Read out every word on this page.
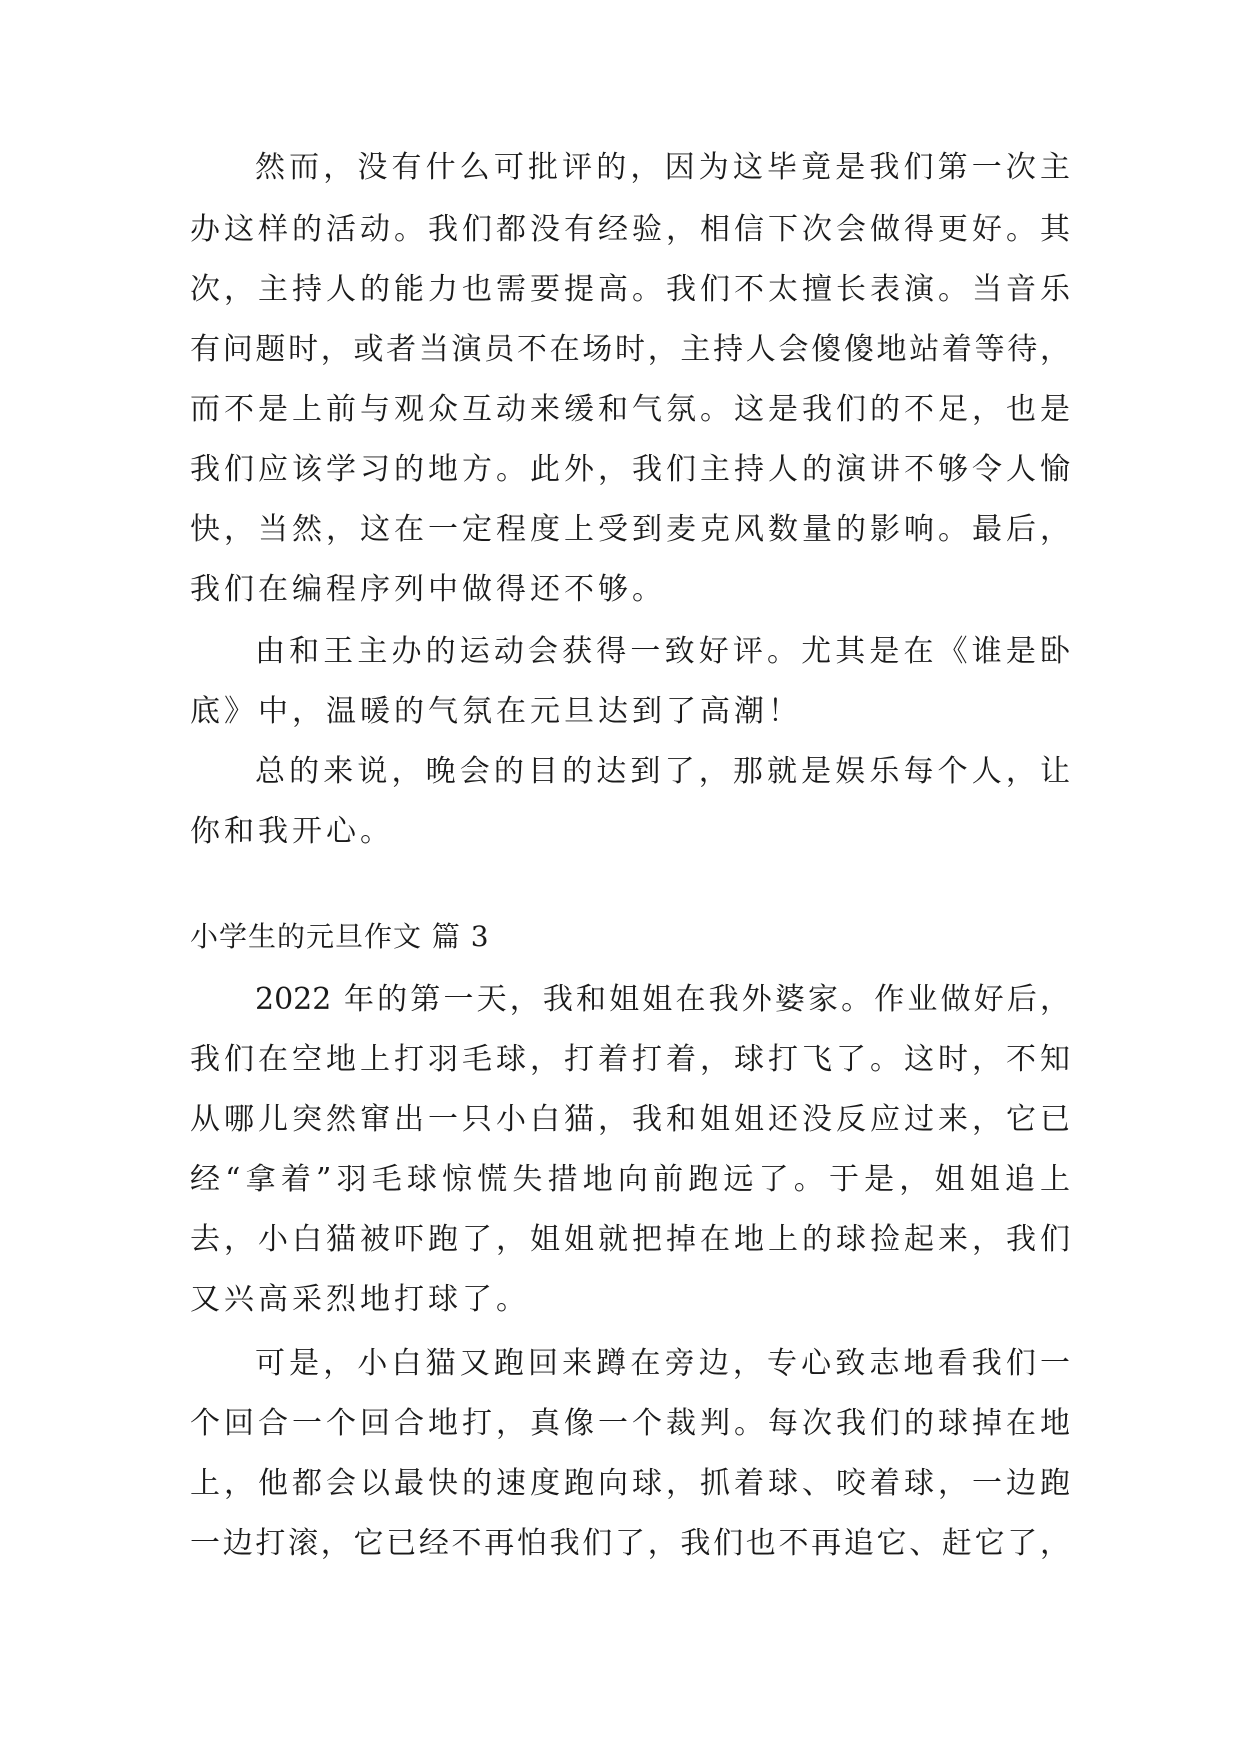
然而，没有什么可批评的，因为这毕竟是我们第一次主
办这样的活动。我们都没有经验，相信下次会做得更好。其
次，主持人的能力也需要提高。我们不太擅长表演。当音乐
有问题时，或者当演员不在场时，主持人会傻傻地站着等待，
而不是上前与观众互动来缓和气氛。这是我们的不足，也是
我们应该学习的地方。此外，我们主持人的演讲不够令人愉
快，当然，这在一定程度上受到麦克风数量的影响。最后，
我们在编程序列中做得还不够。
由和王主办的运动会获得一致好评。尤其是在《谁是卧
底》中，温暖的气氛在元旦达到了高潮！
总的来说，晚会的目的达到了，那就是娱乐每个人，让
你和我开心。
小学生的元旦作文 篇 3
2022 年的第一天，我和姐姐在我外婆家。作业做好后，
我们在空地上打羽毛球，打着打着，球打飞了。这时，不知
从哪儿突然窜出一只小白猫，我和姐姐还没反应过来，它已
经“拿着”羽毛球惊慌失措地向前跑远了。于是，姐姐追上
去，小白猫被吓跑了，姐姐就把掉在地上的球捡起来，我们
又兴高采烈地打球了。
可是，小白猫又跑回来蹲在旁边，专心致志地看我们一
个回合一个回合地打，真像一个裁判。每次我们的球掉在地
上，他都会以最快的速度跑向球，抓着球、咬着球，一边跑
一边打滚，它已经不再怕我们了，我们也不再追它、赶它了，
